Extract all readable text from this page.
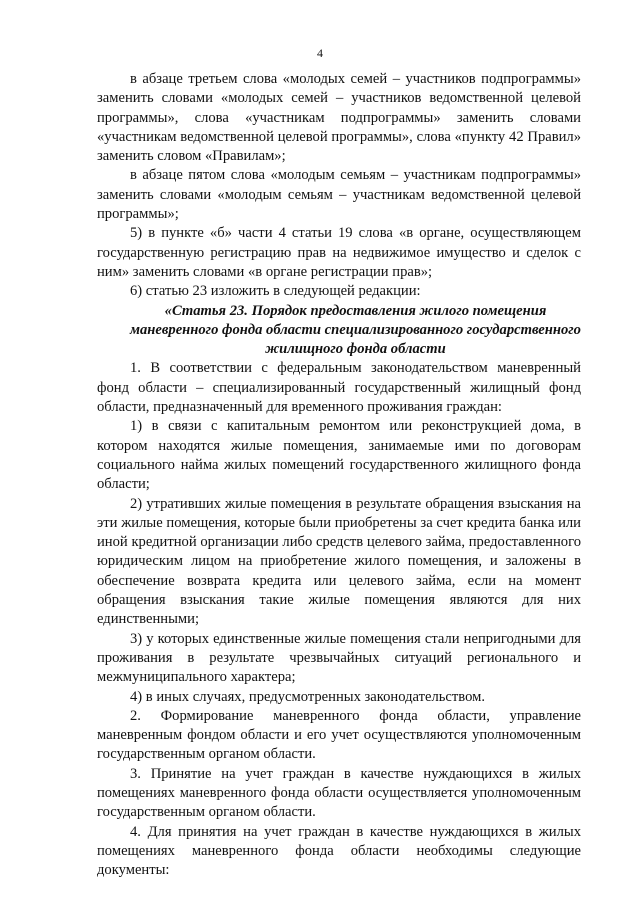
4

в абзаце третьем слова «молодых семей – участников подпрограммы» заменить словами «молодых семей – участников ведомственной целевой программы», слова «участникам подпрограммы» заменить словами «участникам ведомственной целевой программы», слова «пункту 42 Правил» заменить словом «Правилам»;

в абзаце пятом слова «молодым семьям – участникам подпрограммы» заменить словами «молодым семьям – участникам ведомственной целевой программы»;

5) в пункте «б» части 4 статьи 19 слова «в органе, осуществляющем государственную регистрацию прав на недвижимое имущество и сделок с ним» заменить словами «в органе регистрации прав»;

6) статью 23 изложить в следующей редакции:

«Статья 23. Порядок предоставления жилого помещения
маневренного фонда области специализированного государственного
жилищного фонда области

1. В соответствии с федеральным законодательством маневренный фонд области – специализированный государственный жилищный фонд области, предназначенный для временного проживания граждан:

1) в связи с капитальным ремонтом или реконструкцией дома, в котором находятся жилые помещения, занимаемые ими по договорам социального найма жилых помещений государственного жилищного фонда области;

2) утративших жилые помещения в результате обращения взыскания на эти жилые помещения, которые были приобретены за счет кредита банка или иной кредитной организации либо средств целевого займа, предоставленного юридическим лицом на приобретение жилого помещения, и заложены в обеспечение возврата кредита или целевого займа, если на момент обращения взыскания такие жилые помещения являются для них единственными;

3) у которых единственные жилые помещения стали непригодными для проживания в результате чрезвычайных ситуаций регионального и межмуниципального характера;

4) в иных случаях, предусмотренных законодательством.

2. Формирование маневренного фонда области, управление маневренным фондом области и его учет осуществляются уполномоченным государственным органом области.

3. Принятие на учет граждан в качестве нуждающихся в жилых помещениях маневренного фонда области осуществляется уполномоченным государственным органом области.

4. Для принятия на учет граждан в качестве нуждающихся в жилых помещениях маневренного фонда области необходимы следующие документы:
